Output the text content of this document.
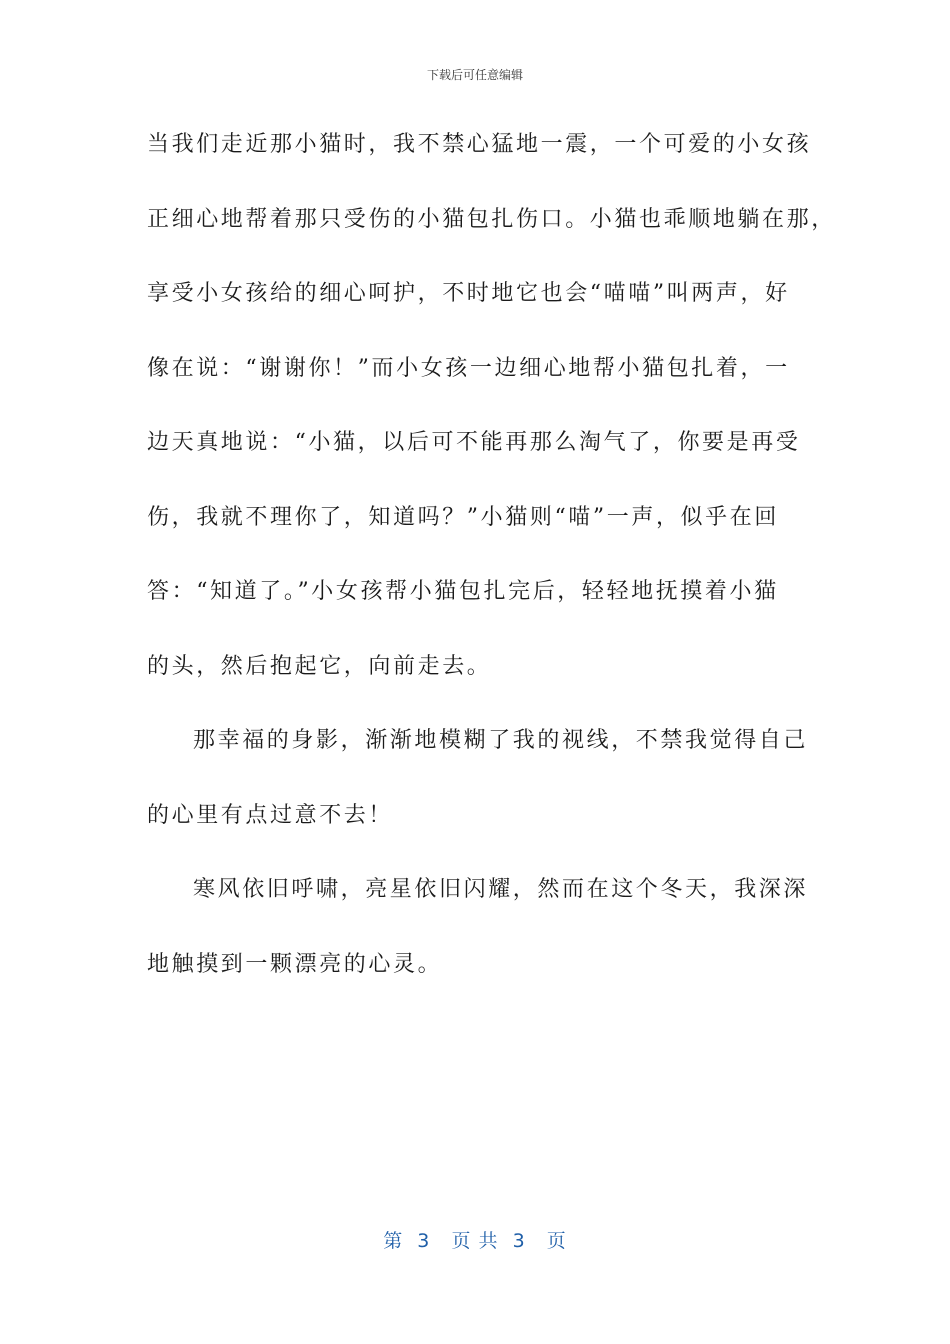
下载后可任意编辑
当我们走近那小猫时，我不禁心猛地一震，一个可爱的小女孩
正细心地帮着那只受伤的小猫包扎伤口。小猫也乖顺地躺在那，
享受小女孩给的细心呵护，不时地它也会“喵喵”叫两声，好
像在说：“谢谢你！”而小女孩一边细心地帮小猫包扎着，一
边天真地说：“小猫，以后可不能再那么淘气了，你要是再受
伤，我就不理你了，知道吗？”小猫则“喵”一声，似乎在回
答：“知道了。”小女孩帮小猫包扎完后，轻轻地抚摸着小猫
的头，然后抱起它，向前走去。
那幸福的身影，渐渐地模糊了我的视线，不禁我觉得自己
的心里有点过意不去！
寒风依旧呼啸，亮星依旧闪耀，然而在这个冬天，我深深
地触摸到一颗漂亮的心灵。
第  3   页 共  3   页
